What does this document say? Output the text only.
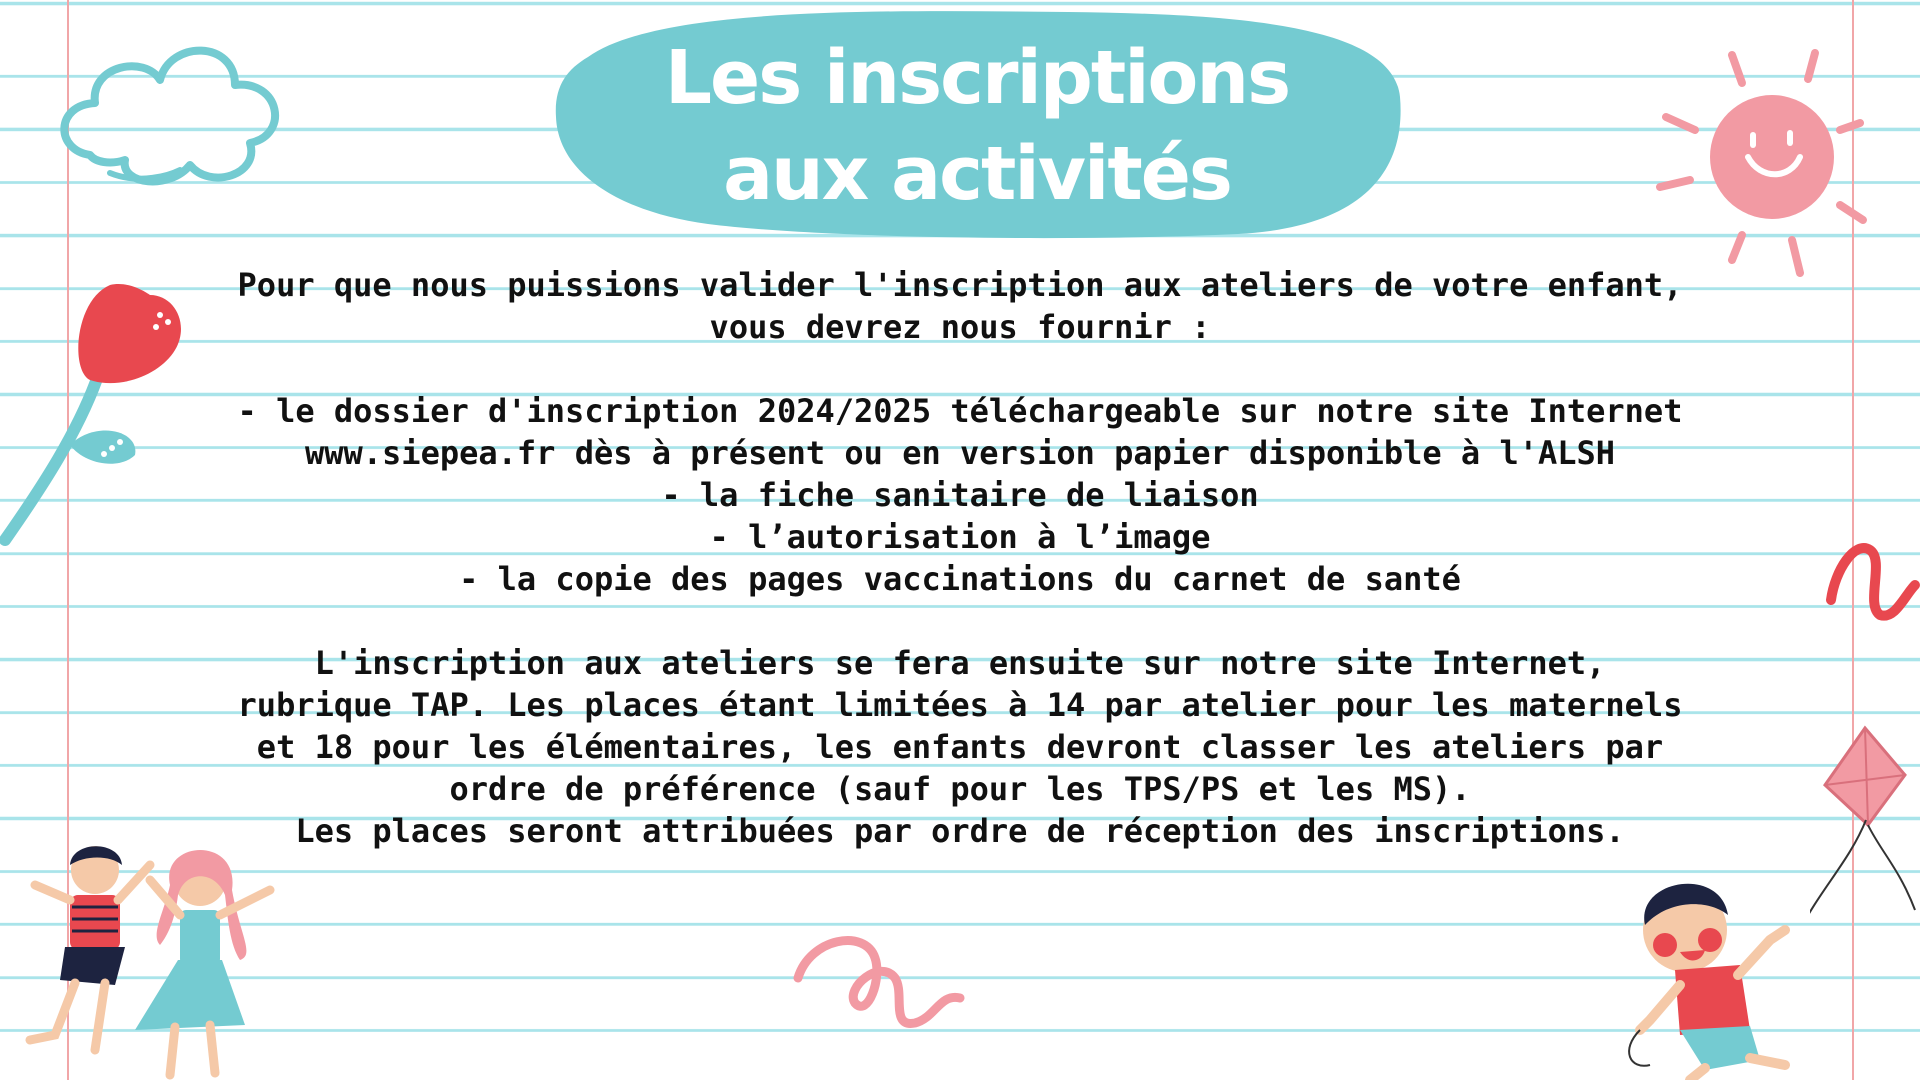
Les inscriptions
aux activités

Pour que nous puissions valider l'inscription aux ateliers de votre enfant,

vous devrez nous fournir :

- le dossier d'inscription 2024/2025 téléchargeable sur notre site Internet

www.siepea.fr dès à présent ou en version papier disponible à l'ALSH

- la fiche sanitaire de liaison

- l’autorisation à l’image

- la copie des pages vaccinations du carnet de santé

L'inscription aux ateliers se fera ensuite sur notre site Internet,

rubrique TAP. Les places étant limitées à 14 par atelier pour les maternels

et 18 pour les élémentaires, les enfants devront classer les ateliers par

ordre de préférence (sauf pour les TPS/PS et les MS).

Les places seront attribuées par ordre de réception des inscriptions.
